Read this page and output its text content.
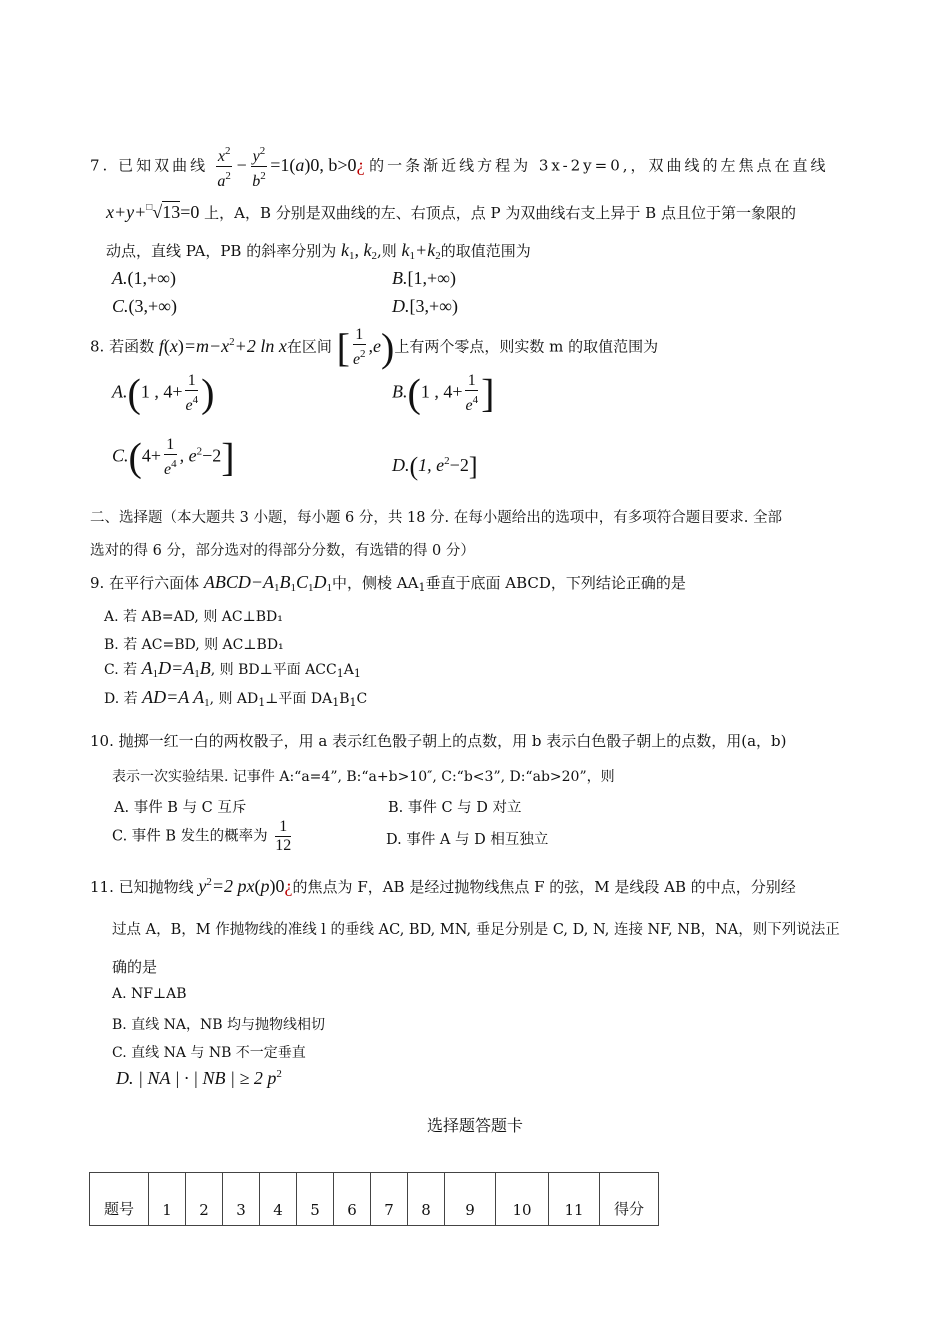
7. 已知双曲线 $\frac{x^2}{a^2} - \frac{y^2}{b^2} =1(a)0$, b>0¿ 的一条渐近线方程为 3x-2y=0,，双曲线的左焦点在直线
x+y+□√13=0 上，A，B 分别是双曲线的左、右顶点，点 P 为双曲线右支上异于 B 点且位于第一象限的
动点，直线 PA，PB 的斜率分别为 $k_1$, $k_2$,则 $k_1+k_2$的取值范围为
A.(1,+∞)	B.[1,+∞)
C.(3,+∞)	D.[3,+∞)
8. 若函数 $f(x)=m-x^2+2$ ln x在区间 [ $\frac{1}{e^2} ,e$)上有两个零点，则实数 m 的取值范围为
A.(1 , $4+ \frac{1}{e^4}$ )	B.(1 , $4+ \frac{1}{e^4}$ ]
$C.(4+ \frac{1}{e^4}$ , $e^2-2$]	D.(1, $e^2-2$]
二、选择题（本大题共 3 小题，每小题 6 分，共 18 分. 在每小题给出的选项中，有多项符合题目要求. 全部
选对的得 6 分，部分选对的得部分分数，有选错的得 0 分）
9. 在平行六面体 $ABCD-A_1B_1C_1D_1$中，侧棱 $AA_1$垂直于底面 ABCD，下列结论正确的是
A. 若 AB=AD, 则 AC⊥BD₁
B. 若 AC=BD, 则 AC⊥BD₁
C. 若 $A_1D=A_1B$, 则 BD⊥平面 $ACC_1A_1$
D. 若 AD=A $A_1$, 则 $AD_1\perp$平面 $DA_1B_1C$
10. 抛掷一红一白的两枚骰子，用 a 表示红色骰子朝上的点数，用 b 表示白色骰子朝上的点数，用(a，b)
表示一次实验结果. 记事件 A:“a=4”, B:“a+b>10″, C:“b<3”, D:“ab>20”，则
A. 事件 B 与 C 互斥	B. 事件 C 与 D 对立
C. 事件 B 发生的概率为 $\frac{1}{12}$	D. 事件 A 与 D 相互独立
11. 已知抛物线 $y^2=2$ px(p)0¿的焦点为 F，AB 是经过抛物线焦点 F 的弦，M 是线段 AB 的中点，分别经
过点 A，B，M 作抛物线的准线 l 的垂线 AC, BD, MN, 垂足分别是 C, D, N, 连接 NF, NB，NA，则下列说法正
确的是
A. NF⊥AB
B. 直线 NA，NB 均与抛物线相切
C. 直线 NA 与 NB 不一定垂直
D. | NA | · | NB | ≥ 2 $p^2$
选择题答题卡
题号	1	2	3	4	5	6	7	8	9	10	11	得分
